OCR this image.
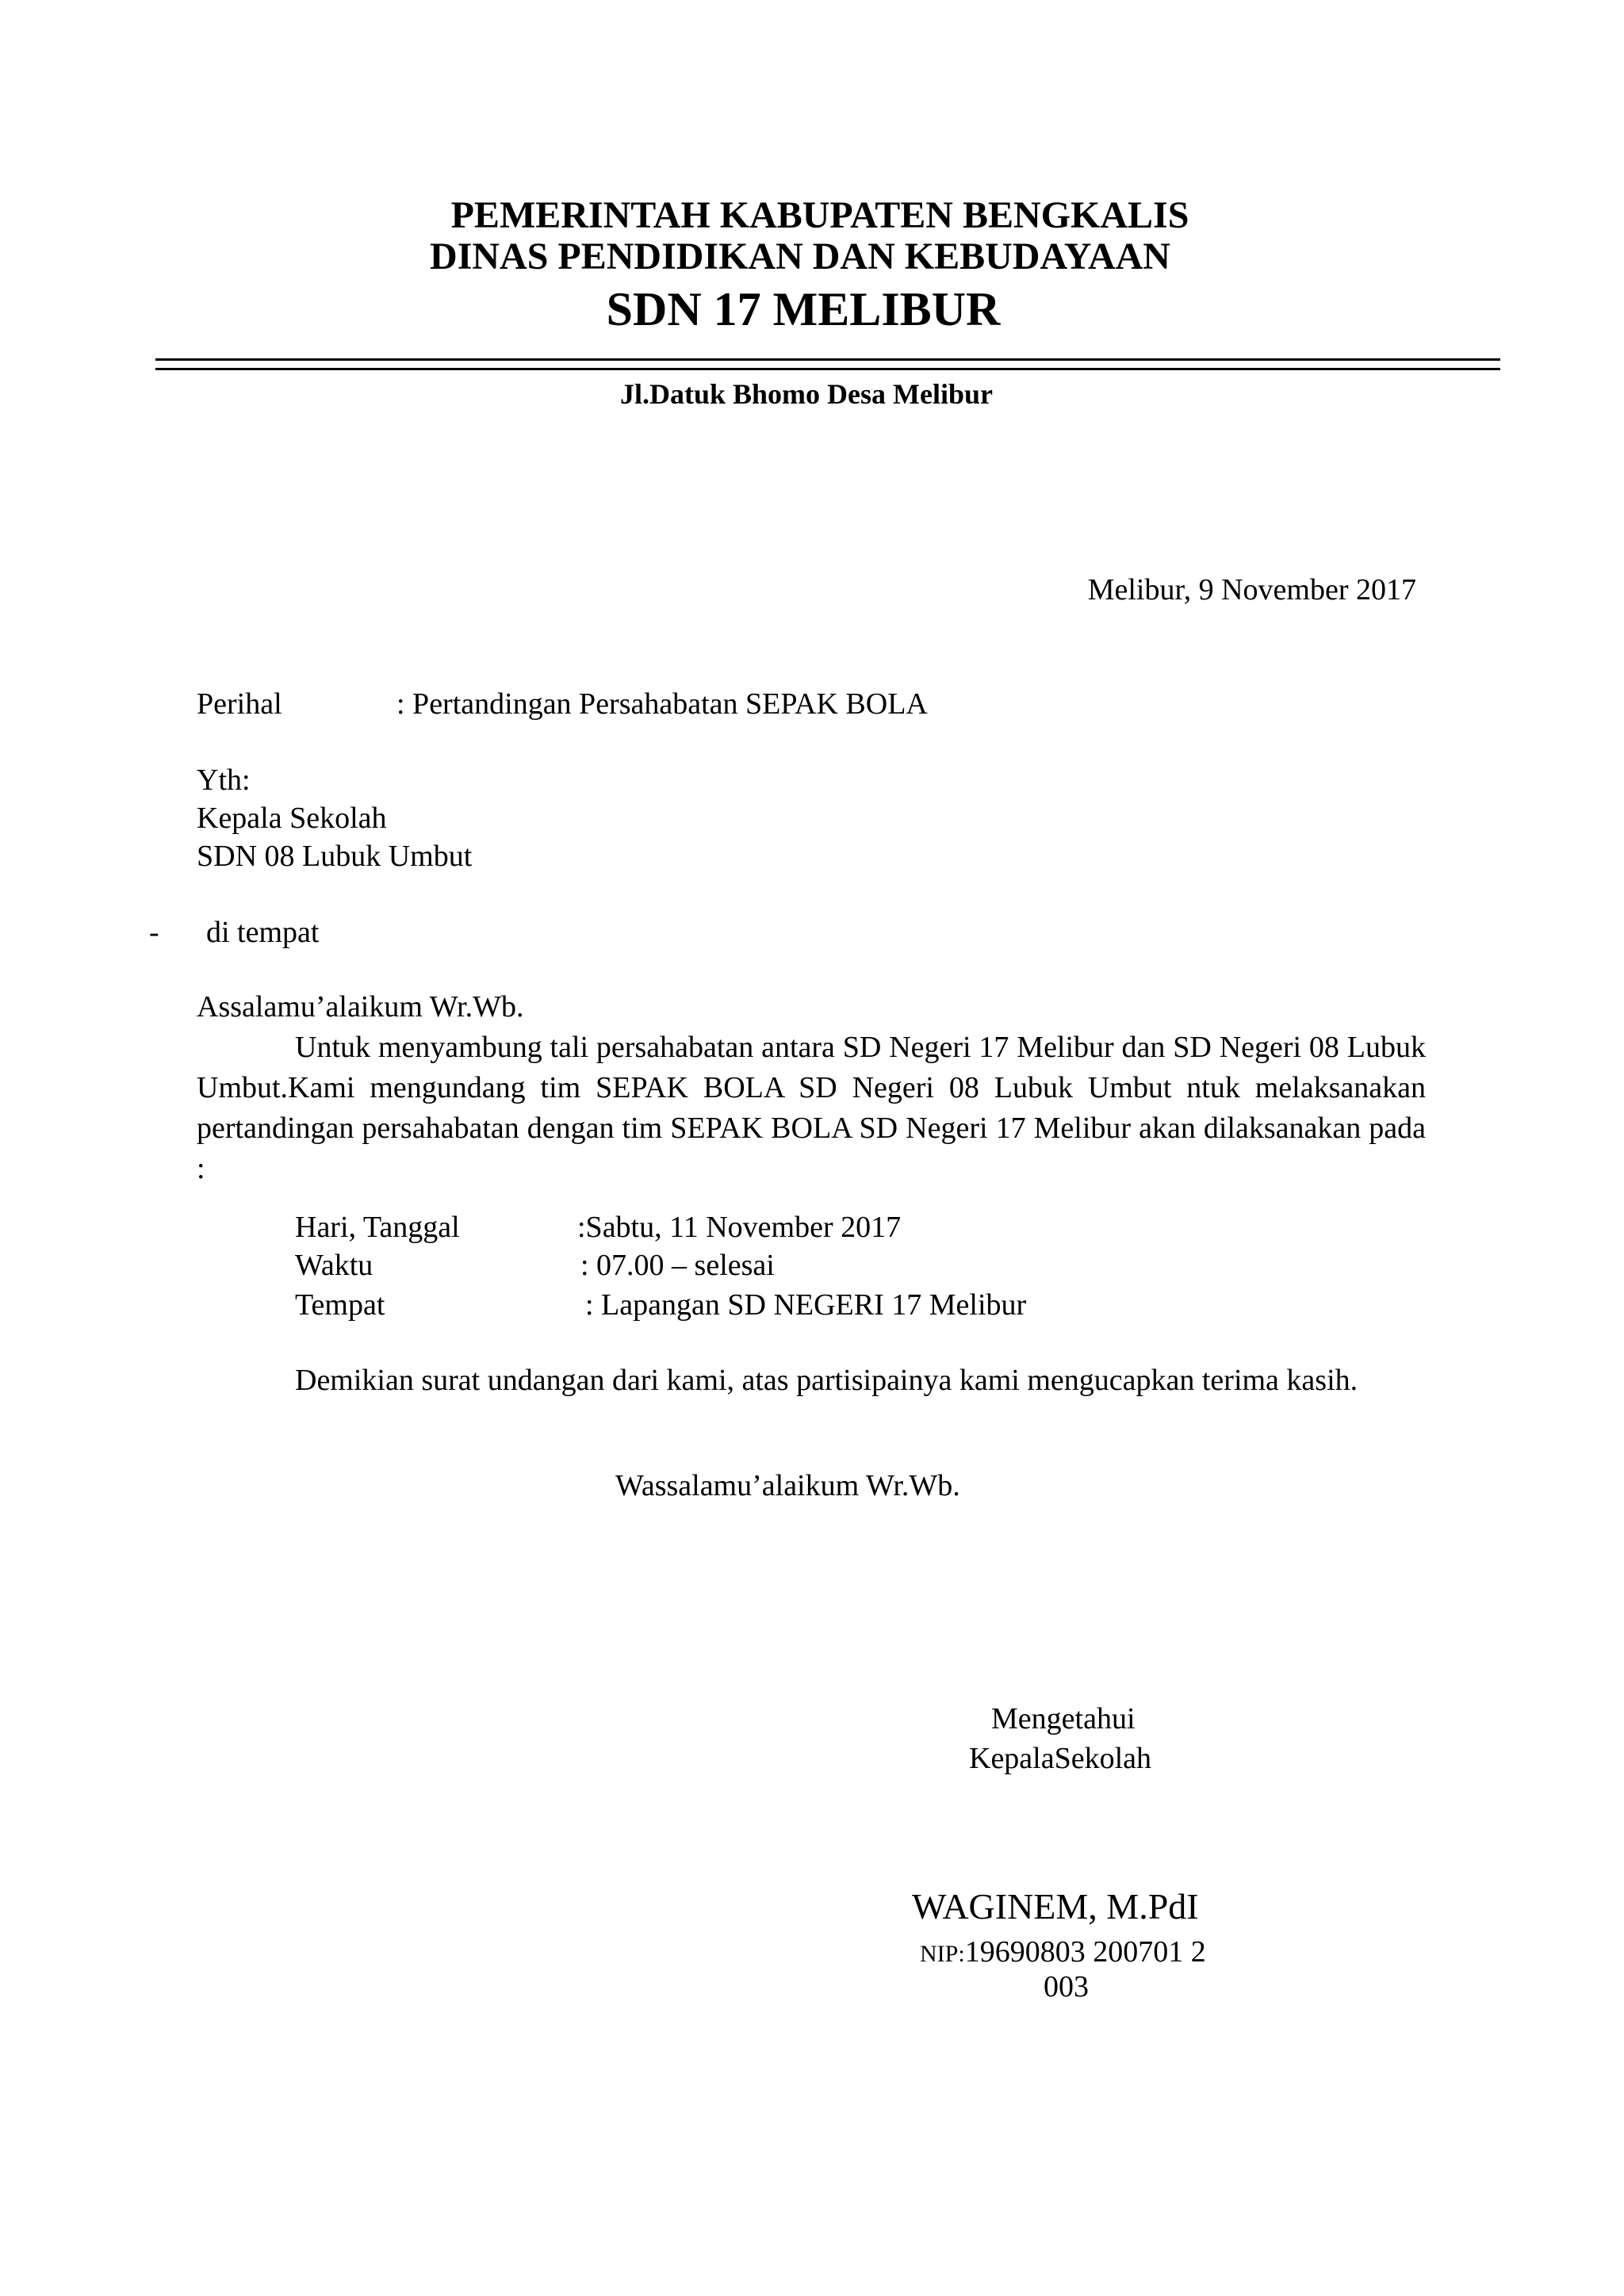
PEMERINTAH KABUPATEN BENGKALIS
DINAS PENDIDIKAN DAN KEBUDAYAAN
SDN 17 MELIBUR
Jl.Datuk Bhomo Desa Melibur
Melibur, 9 November 2017
Perihal	: Pertandingan Persahabatan SEPAK BOLA
Yth:
Kepala Sekolah
SDN 08 Lubuk Umbut
- di tempat
Assalamu’alaikum Wr.Wb.

Untuk menyambung tali persahabatan antara SD Negeri 17 Melibur dan SD Negeri 08 Lubuk Umbut.Kami mengundang tim SEPAK BOLA SD Negeri 08 Lubuk Umbut ntuk melaksanakan pertandingan persahabatan dengan tim SEPAK BOLA SD Negeri 17 Melibur akan dilaksanakan pada :

Hari, Tanggal	:Sabtu, 11 November 2017
Waktu	: 07.00 – selesai
Tempat	: Lapangan SD NEGERI 17 Melibur

Demikian surat undangan dari kami, atas partisipainya kami mengucapkan terima kasih.

Wassalamu’alaikum Wr.Wb.
Mengetahui
KepalaSekolah
WAGINEM, M.PdI
NIP:19690803 200701 2
003
